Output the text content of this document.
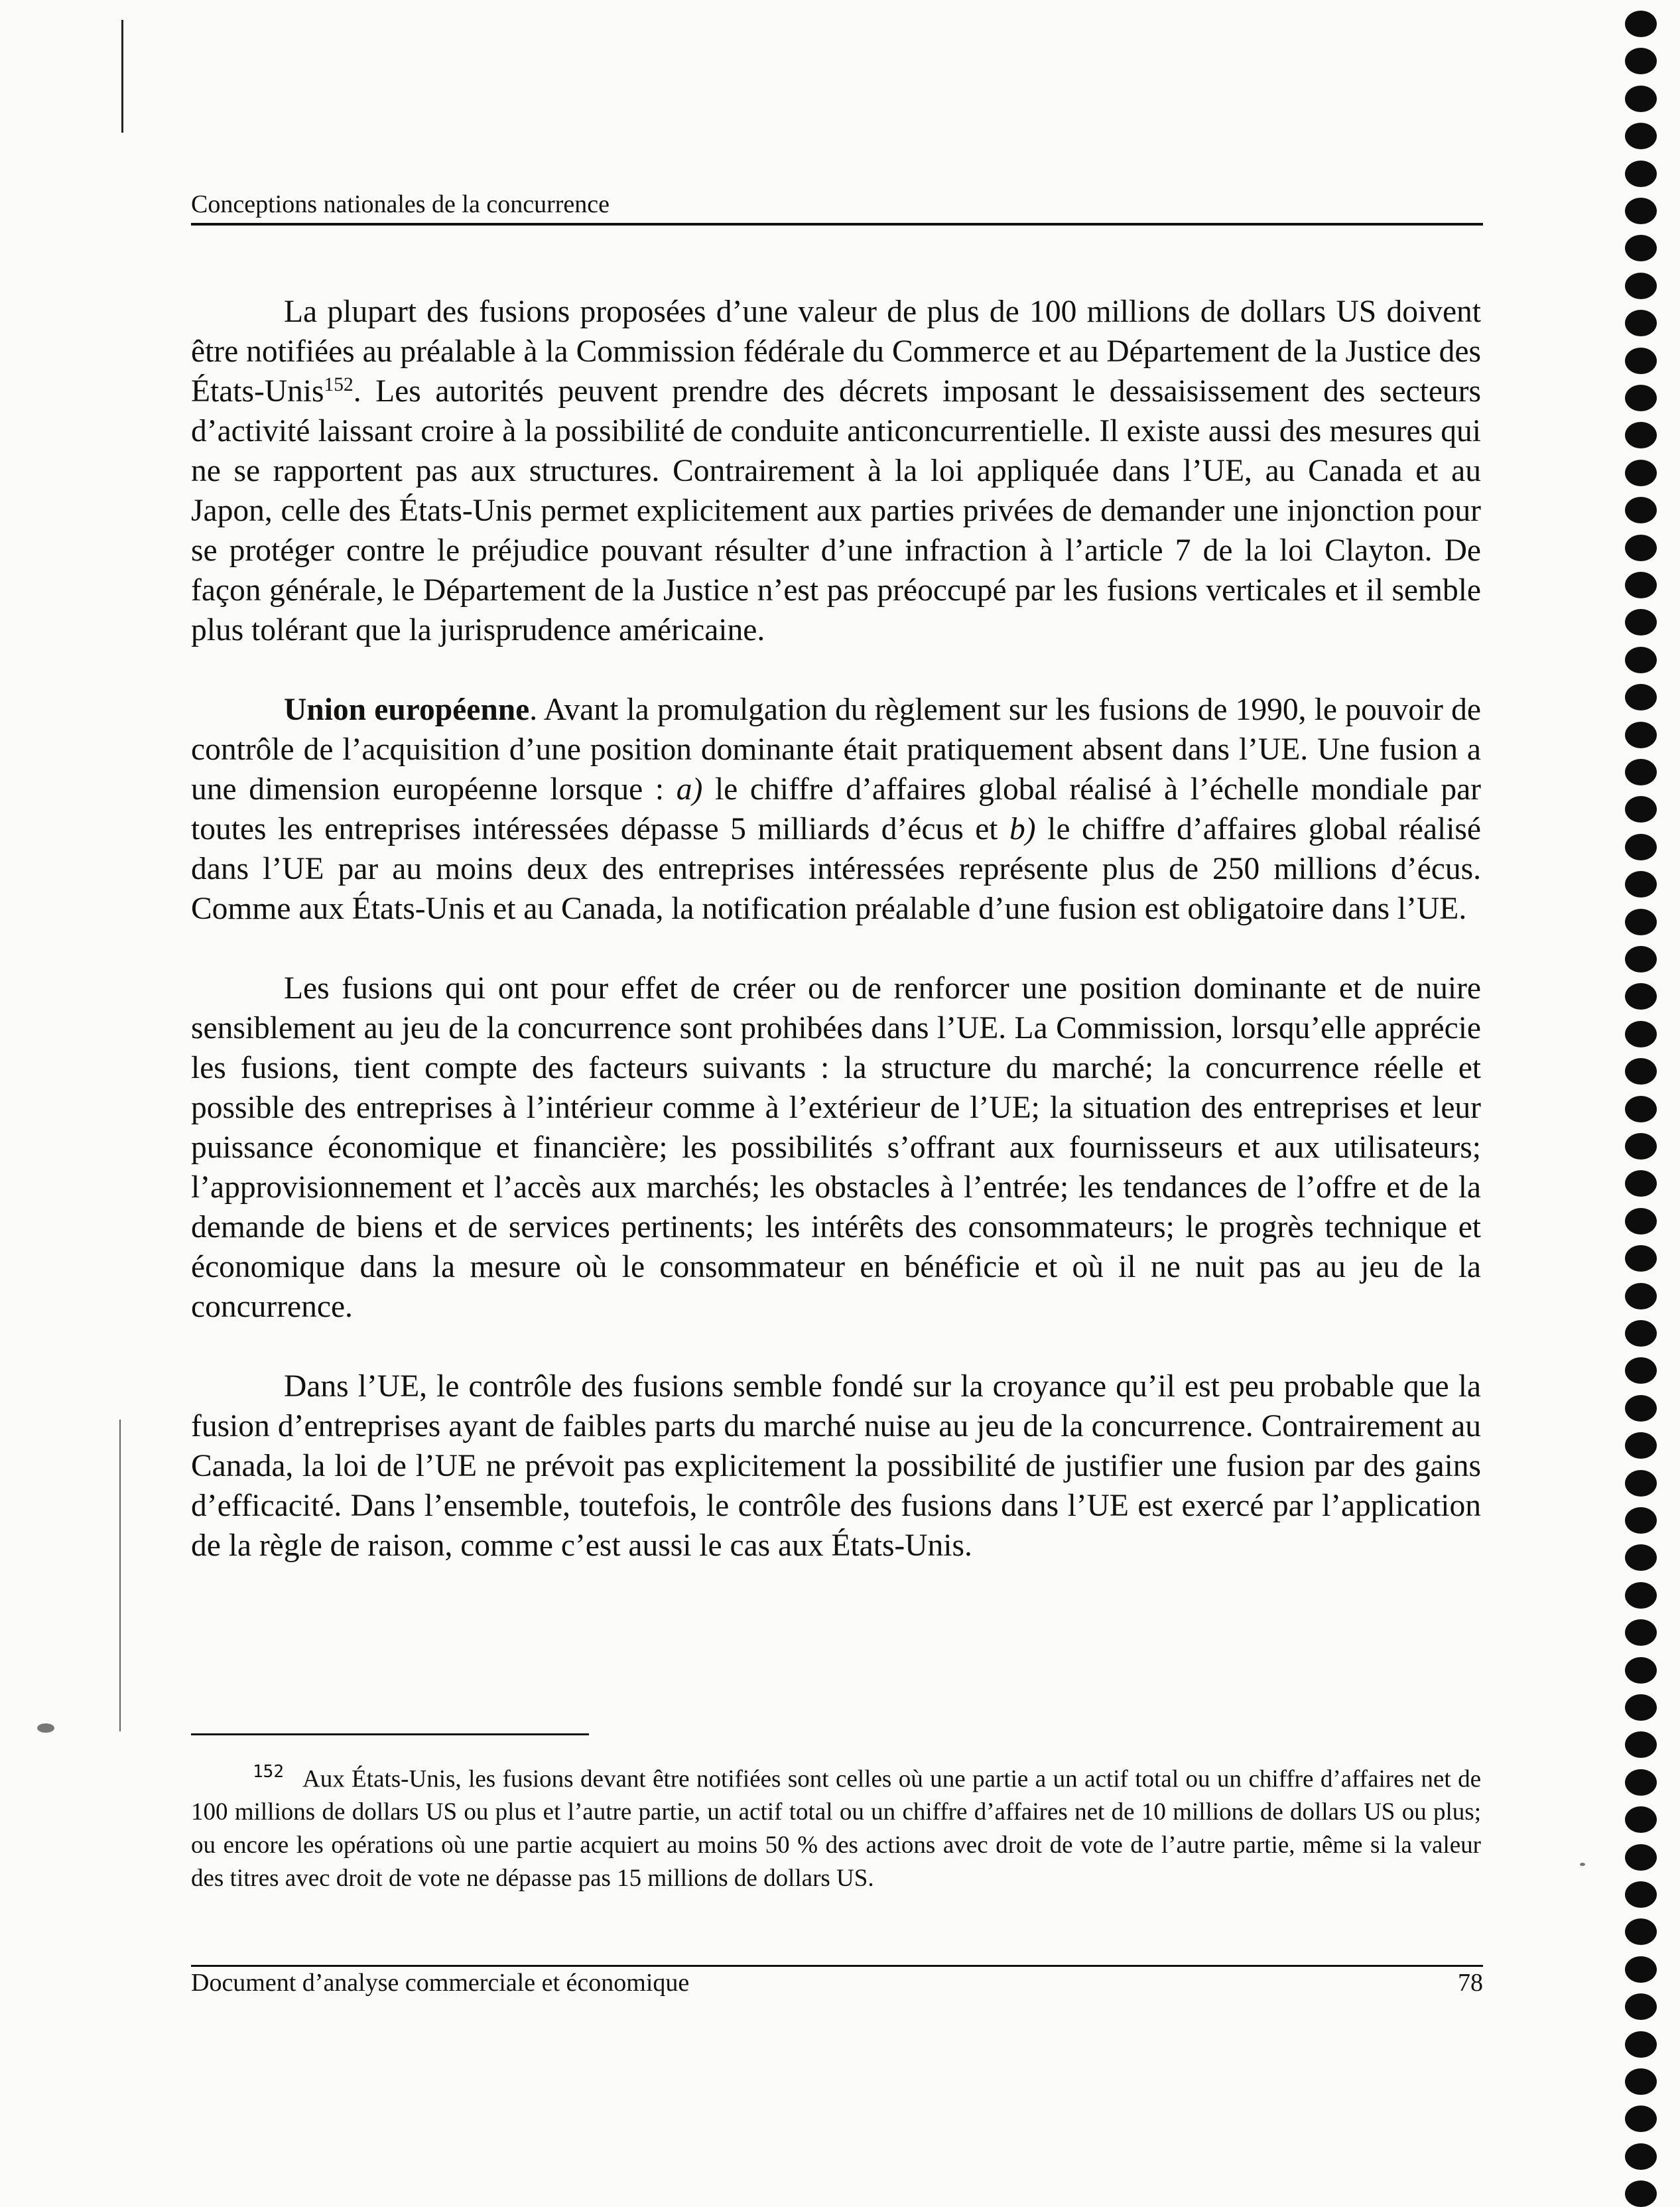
Conceptions nationales de la concurrence

La plupart des fusions proposées d’une valeur de plus de 100 millions de dollars US doivent être notifiées au préalable à la Commission fédérale du Commerce et au Département de la Justice des États-Unis$^{152}$. Les autorités peuvent prendre des décrets imposant le dessaisissement des secteurs d’activité laissant croire à la possibilité de conduite anticoncurrentielle. Il existe aussi des mesures qui ne se rapportent pas aux structures. Contrairement à la loi appliquée dans l’UE, au Canada et au Japon, celle des États-Unis permet explicitement aux parties privées de demander une injonction pour se protéger contre le préjudice pouvant résulter d’une infraction à l’article 7 de la loi Clayton. De façon générale, le Département de la Justice n’est pas préoccupé par les fusions verticales et il semble plus tolérant que la jurisprudence américaine.

Union européenne. Avant la promulgation du règlement sur les fusions de 1990, le pouvoir de contrôle de l’acquisition d’une position dominante était pratiquement absent dans l’UE. Une fusion a une dimension européenne lorsque : a) le chiffre d’affaires global réalisé à l’échelle mondiale par toutes les entreprises intéressées dépasse 5 milliards d’écus et b) le chiffre d’affaires global réalisé dans l’UE par au moins deux des entreprises intéressées représente plus de 250 millions d’écus. Comme aux États-Unis et au Canada, la notification préalable d’une fusion est obligatoire dans l’UE.

Les fusions qui ont pour effet de créer ou de renforcer une position dominante et de nuire sensiblement au jeu de la concurrence sont prohibées dans l’UE. La Commission, lorsqu’elle apprécie les fusions, tient compte des facteurs suivants : la structure du marché; la concurrence réelle et possible des entreprises à l’intérieur comme à l’extérieur de l’UE; la situation des entreprises et leur puissance économique et financière; les possibilités s’offrant aux fournisseurs et aux utilisateurs; l’approvisionnement et l’accès aux marchés; les obstacles à l’entrée; les tendances de l’offre et de la demande de biens et de services pertinents; les intérêts des consommateurs; le progrès technique et économique dans la mesure où le consommateur en bénéficie et où il ne nuit pas au jeu de la concurrence.

Dans l’UE, le contrôle des fusions semble fondé sur la croyance qu’il est peu probable que la fusion d’entreprises ayant de faibles parts du marché nuise au jeu de la concurrence. Contrairement au Canada, la loi de l’UE ne prévoit pas explicitement la possibilité de justifier une fusion par des gains d’efficacité. Dans l’ensemble, toutefois, le contrôle des fusions dans l’UE est exercé par l’application de la règle de raison, comme c’est aussi le cas aux États-Unis.

152 Aux États-Unis, les fusions devant être notifiées sont celles où une partie a un actif total ou un chiffre d’affaires net de 100 millions de dollars US ou plus et l’autre partie, un actif total ou un chiffre d’affaires net de 10 millions de dollars US ou plus; ou encore les opérations où une partie acquiert au moins 50 % des actions avec droit de vote de l’autre partie, même si la valeur des titres avec droit de vote ne dépasse pas 15 millions de dollars US.

Document d’analyse commerciale et économique	78
